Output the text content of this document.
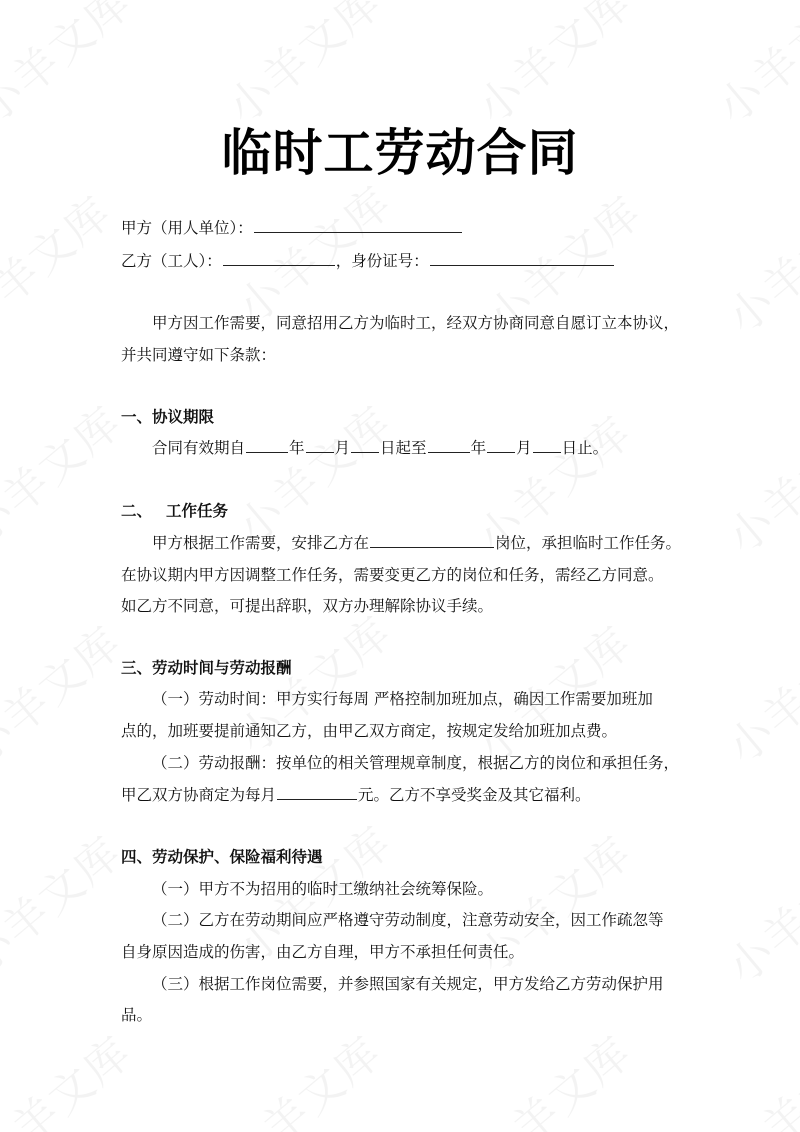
临时工劳动合同
甲方（用人单位）：
乙方（工人）：	，身份证号：
甲方因工作需要，同意招用乙方为临时工，经双方协商同意自愿订立本协议，
并共同遵守如下条款：
一、协议期限
合同有效期自	年 月 日起至	年 月 日止。
二、 工作任务
甲方根据工作需要，安排乙方在	岗位，承担临时工作任务。
在协议期内甲方因调整工作任务，需要变更乙方的岗位和任务，需经乙方同意。
如乙方不同意，可提出辞职，双方办理解除协议手续。
三、劳动时间与劳动报酬
（一）劳动时间：甲方实行每周 严格控制加班加点，确因工作需要加班加
点的，加班要提前通知乙方，由甲乙双方商定，按规定发给加班加点费。
（二）劳动报酬：按单位的相关管理规章制度，根据乙方的岗位和承担任务，
甲乙双方协商定为每月	元。乙方不享受奖金及其它福利。
四、劳动保护、保险福利待遇
（一）甲方不为招用的临时工缴纳社会统筹保险。
（二）乙方在劳动期间应严格遵守劳动制度，注意劳动安全，因工作疏忽等
自身原因造成的伤害，由乙方自理，甲方不承担任何责任。
（三）根据工作岗位需要，并参照国家有关规定，甲方发给乙方劳动保护用
品。
